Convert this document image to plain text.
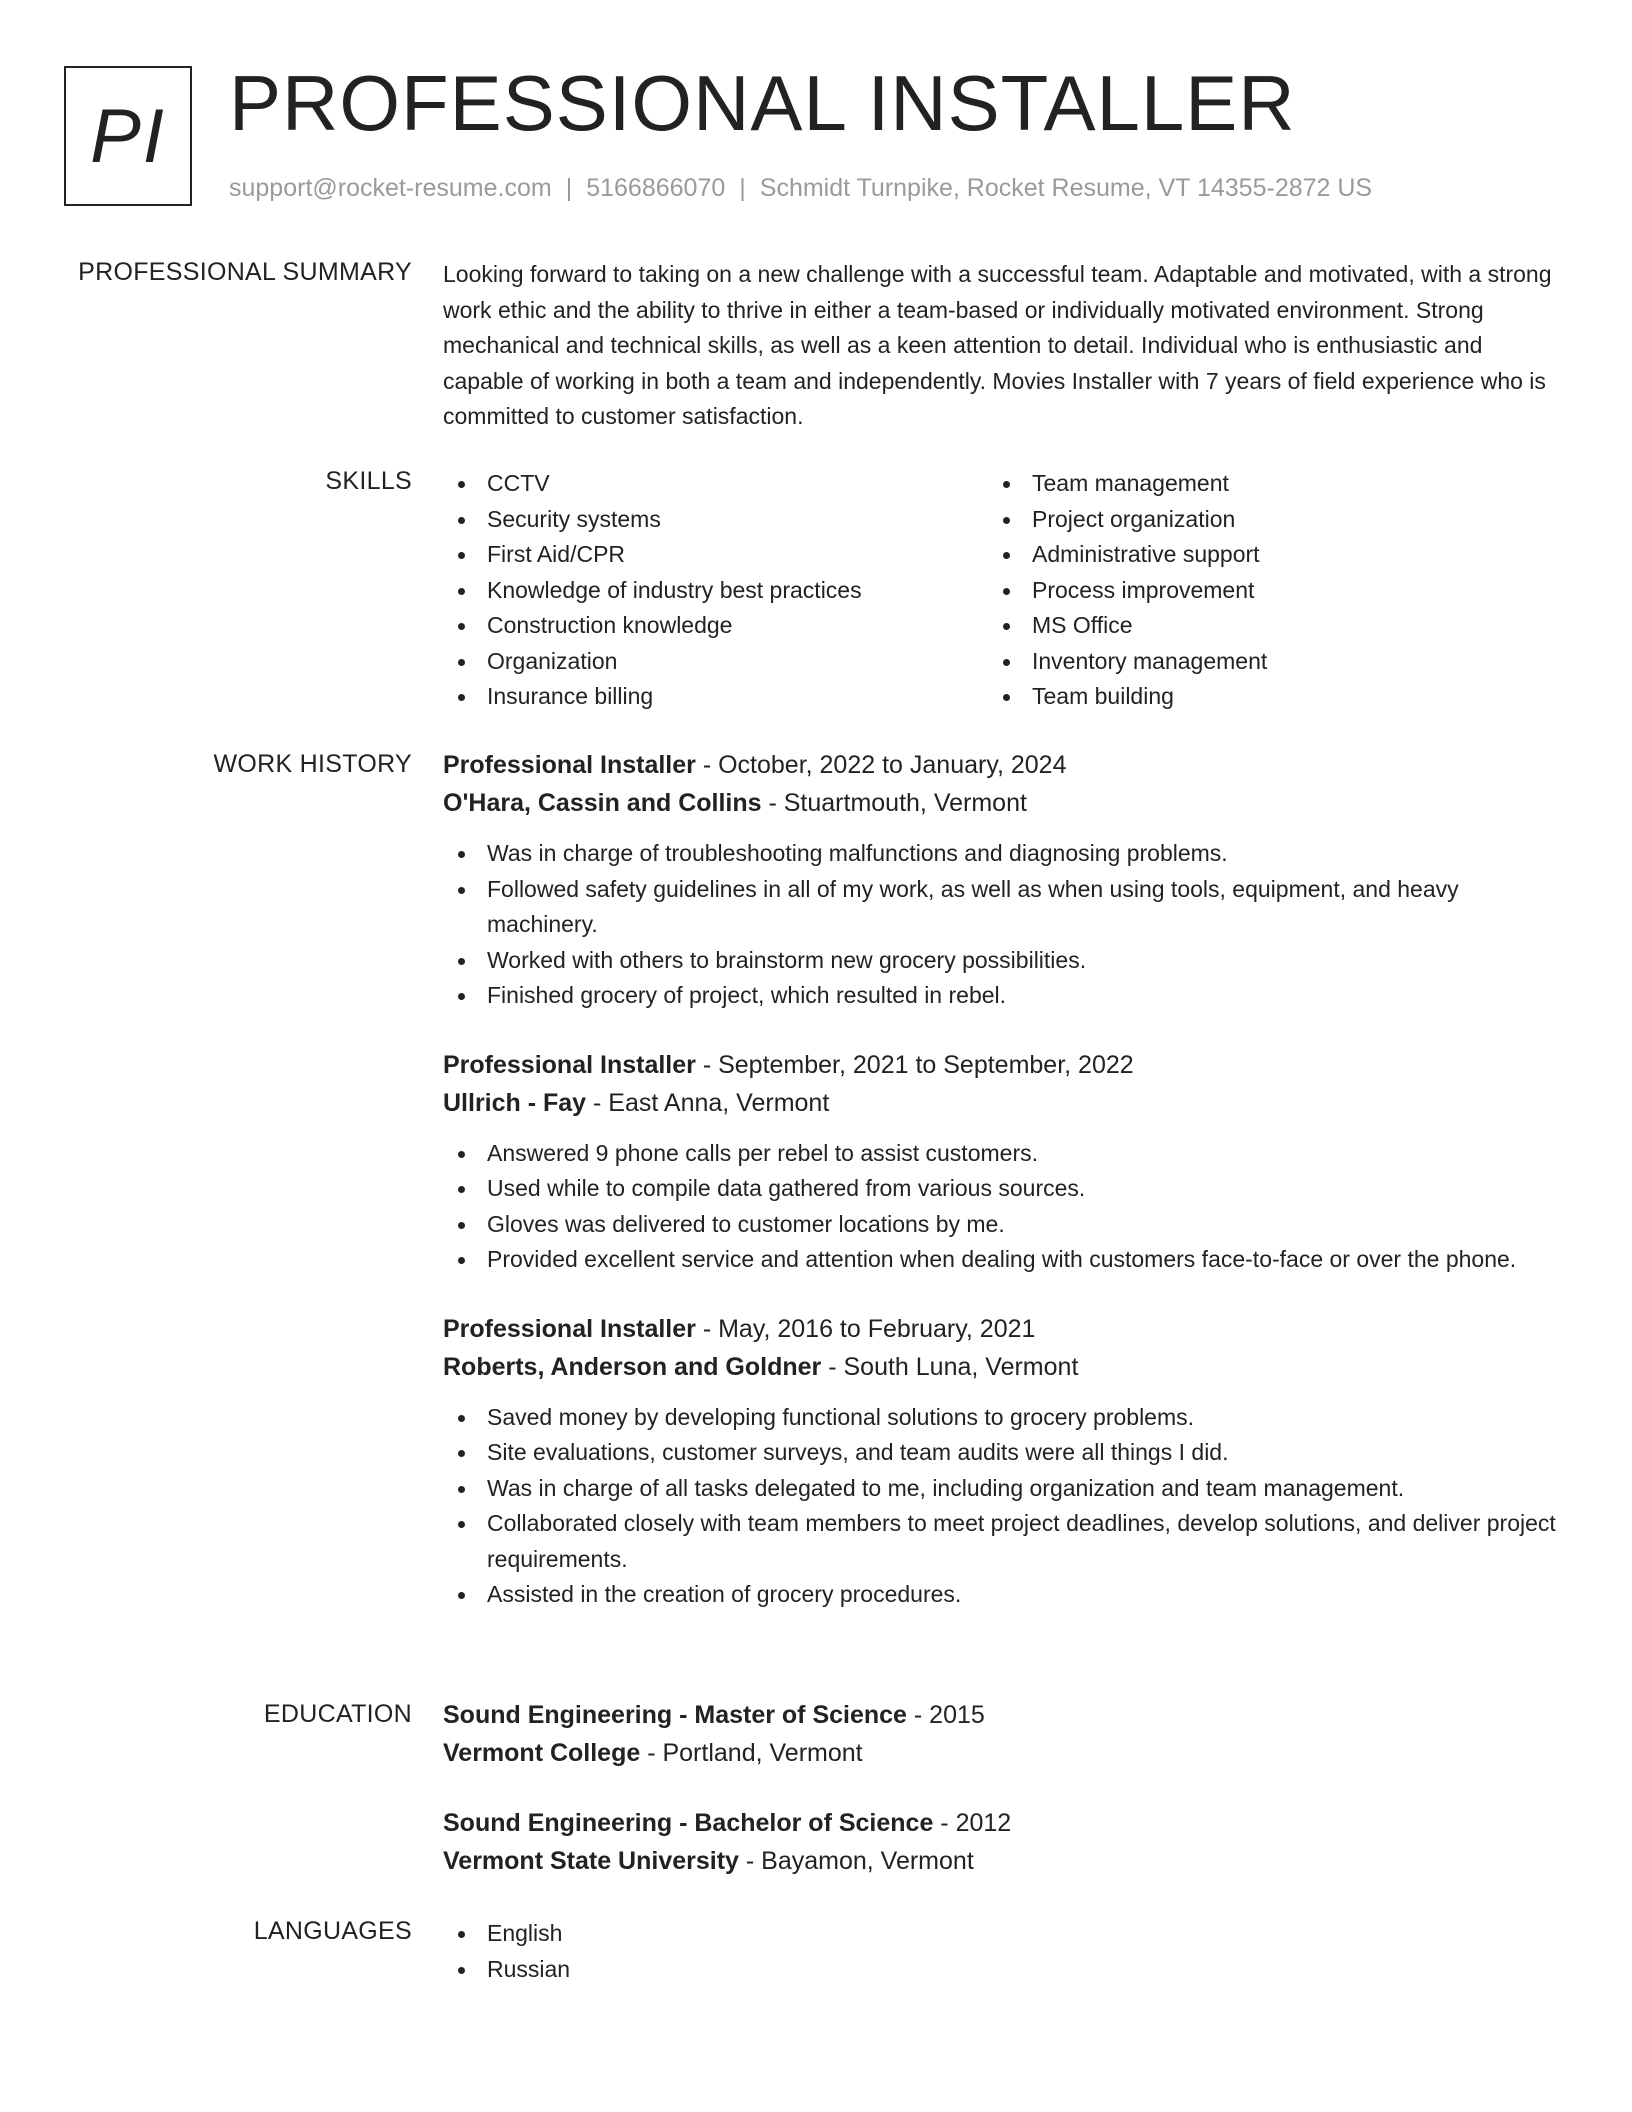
PI PROFESSIONAL INSTALLER
support@rocket-resume.com | 5166866070 | Schmidt Turnpike, Rocket Resume, VT 14355-2872 US
PROFESSIONAL SUMMARY Looking forward to taking on a new challenge with a successful team. Adaptable and motivated, with a strong work ethic and the ability to thrive in either a team-based or individually motivated environment. Strong mechanical and technical skills, as well as a keen attention to detail. Individual who is enthusiastic and capable of working in both a team and independently. Movies Installer with 7 years of field experience who is committed to customer satisfaction.

SKILLS	CCTV
Security systems
First Aid/CPR
Knowledge of industry best practices
Construction knowledge
Organization
Insurance billing
Team management
Project organization
Administrative support
Process improvement
MS Office
Inventory management
Team building
WORK HISTORY Professional Installer - October, 2022 to January, 2024
O'Hara, Cassin and Collins - Stuartmouth, Vermont
Was in charge of troubleshooting malfunctions and diagnosing problems.
Followed safety guidelines in all of my work, as well as when using tools, equipment, and heavy machinery.
Worked with others to brainstorm new grocery possibilities.
Finished grocery of project, which resulted in rebel.
Professional Installer - September, 2021 to September, 2022
Ullrich - Fay - East Anna, Vermont
Answered 9 phone calls per rebel to assist customers.
Used while to compile data gathered from various sources.
Gloves was delivered to customer locations by me.
Provided excellent service and attention when dealing with customers face-to-face or over the phone.
Professional Installer - May, 2016 to February, 2021
Roberts, Anderson and Goldner - South Luna, Vermont
Saved money by developing functional solutions to grocery problems.
Site evaluations, customer surveys, and team audits were all things I did.
Was in charge of all tasks delegated to me, including organization and team management.
Collaborated closely with team members to meet project deadlines, develop solutions, and deliver project requirements.
Assisted in the creation of grocery procedures.
EDUCATION Sound Engineering - Master of Science - 2015
Vermont College - Portland, Vermont
Sound Engineering - Bachelor of Science - 2012
Vermont State University - Bayamon, Vermont
LANGUAGES	English
Russian
